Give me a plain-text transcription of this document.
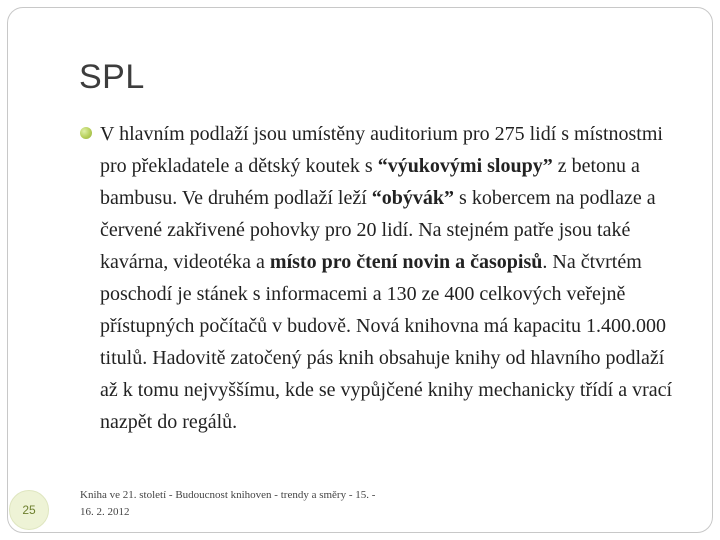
SPL

V hlavním podlaží jsou umístěny auditorium pro 275 lidí s místnostmi pro překladatele a dětský koutek s “výukovými sloupy” z betonu a bambusu. Ve druhém podlaží leží “obývák” s kobercem na podlaze a červené zakřivené pohovky pro 20 lidí. Na stejném patře jsou také kavárna, videotéka a místo pro čtení novin a časopisů. Na čtvrtém poschodí je stánek s informacemi a 130 ze 400 celkových veřejně přístupných počítačů v budově. Nová knihovna má kapacitu 1.400.000 titulů. Hadovitě zatočený pás knih obsahuje knihy od hlavního podlaží až k tomu nejvyššímu, kde se vypůjčené knihy mechanicky třídí a vrací nazpět do regálů.

Kniha ve 21. století - Budoucnost knihoven - trendy a směry - 15. - 16. 2. 2012
25
